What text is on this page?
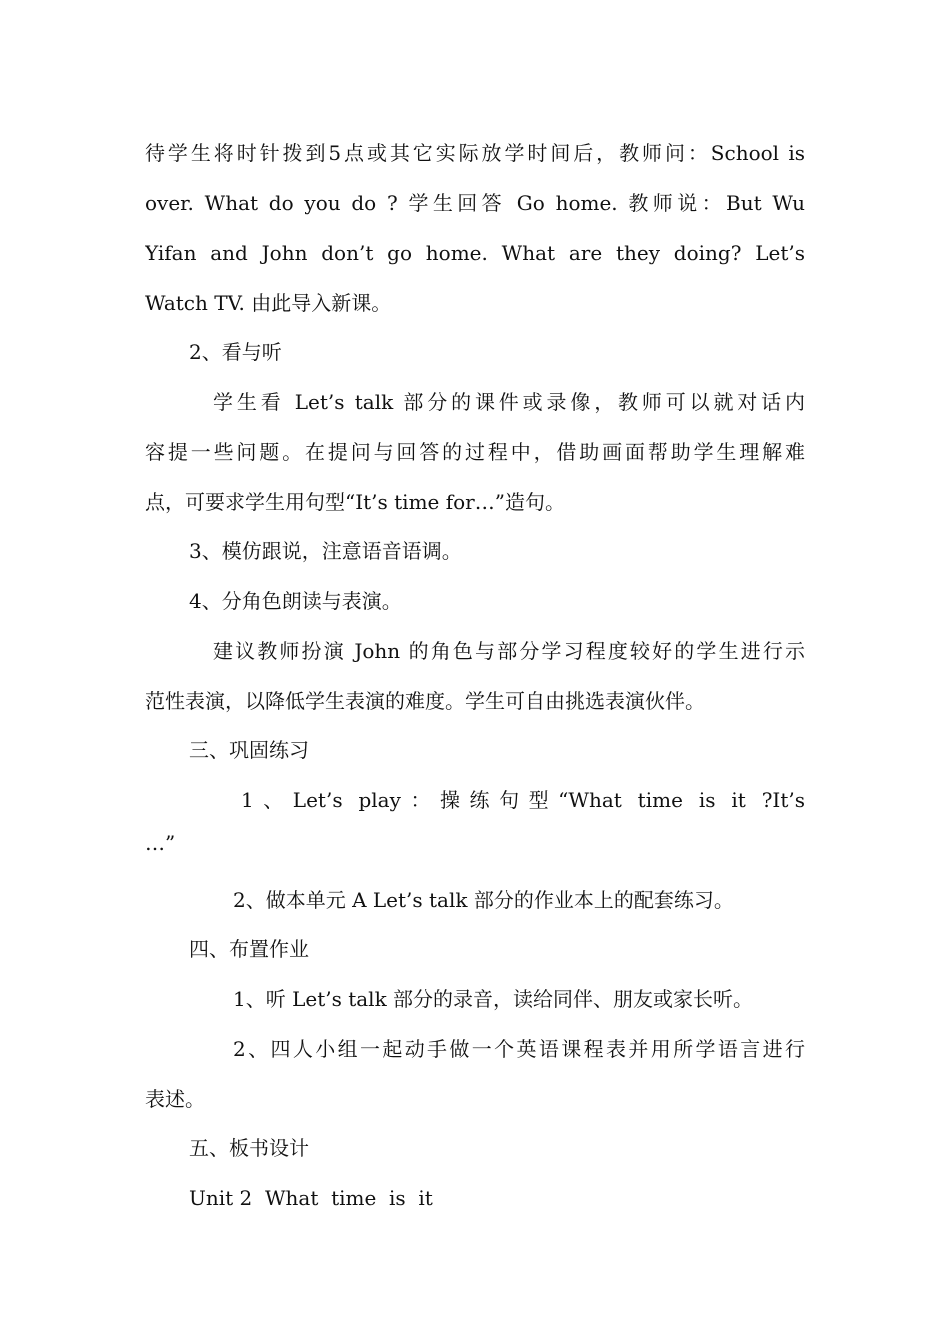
待学生将时针拨到5点或其它实际放学时间后，教师问：School is
over. What do you do ? 学生回答 Go home. 教师说：But Wu
Yifan and John don’t go home. What are they doing? Let’s
Watch TV. 由此导入新课。
2、看与听
学生看 Let’s talk 部分的课件或录像，教师可以就对话内
容提一些问题。在提问与回答的过程中，借助画面帮助学生理解难
点，可要求学生用句型“It’s time for…”造句。
3、模仿跟说，注意语音语调。
4、分角色朗读与表演。
建议教师扮演 John 的角色与部分学习程度较好的学生进行示
范性表演，以降低学生表演的难度。学生可自由挑选表演伙伴。
三、巩固练习
1、Let’s play：操练句型“What time is it ?It’s
…”
2、做本单元 A Let’s talk 部分的作业本上的配套练习。
四、布置作业
1、听 Let’s talk 部分的录音，读给同伴、朋友或家长听。
2、四人小组一起动手做一个英语课程表并用所学语言进行
表述。
五、板书设计
Unit 2  What  time  is  it
